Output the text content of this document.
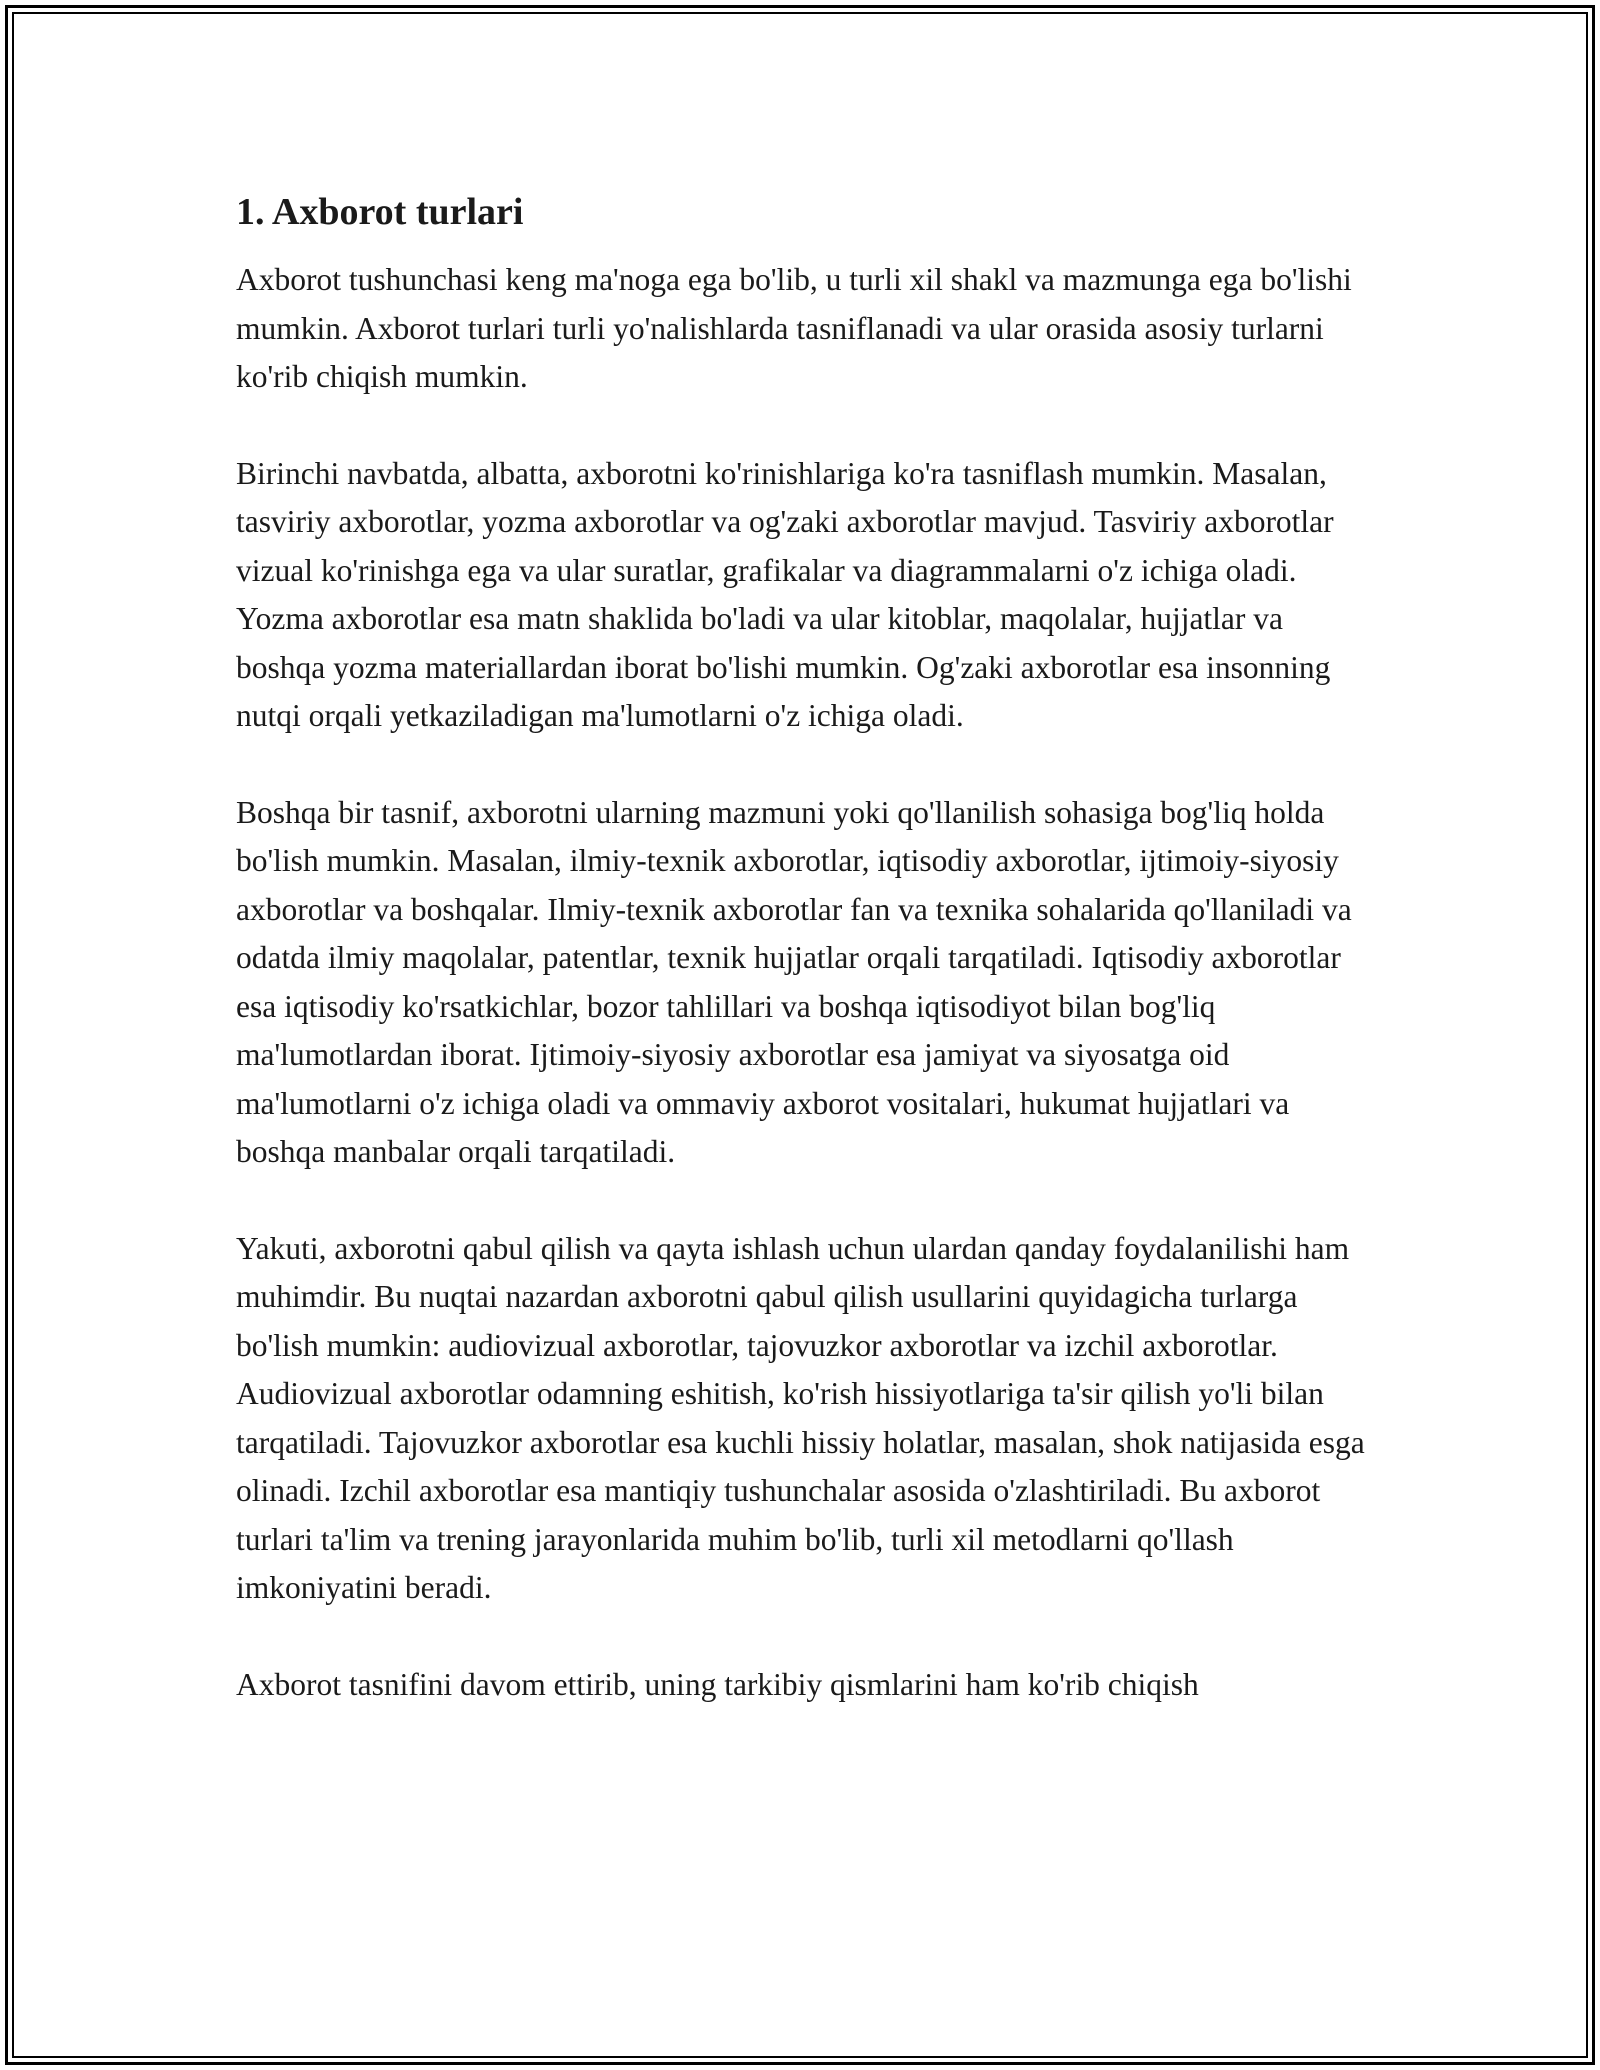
1. Axborot turlari

Axborot tushunchasi keng ma'noga ega bo'lib, u turli xil shakl va mazmunga ega bo'lishi mumkin. Axborot turlari turli yo'nalishlarda tasniflanadi va ular orasida asosiy turlarni ko'rib chiqish mumkin.

Birinchi navbatda, albatta, axborotni ko'rinishlariga ko'ra tasniflash mumkin. Masalan, tasviriy axborotlar, yozma axborotlar va og'zaki axborotlar mavjud. Tasviriy axborotlar vizual ko'rinishga ega va ular suratlar, grafikalar va diagrammalarni o'z ichiga oladi. Yozma axborotlar esa matn shaklida bo'ladi va ular kitoblar, maqolalar, hujjatlar va boshqa yozma materiallardan iborat bo'lishi mumkin. Og'zaki axborotlar esa insonning nutqi orqali yetkaziladigan ma'lumotlarni o'z ichiga oladi.

Boshqa bir tasnif, axborotni ularning mazmuni yoki qo'llanilish sohasiga bog'liq holda bo'lish mumkin. Masalan, ilmiy-texnik axborotlar, iqtisodiy axborotlar, ijtimoiy-siyosiy axborotlar va boshqalar. Ilmiy-texnik axborotlar fan va texnika sohalarida qo'llaniladi va odatda ilmiy maqolalar, patentlar, texnik hujjatlar orqali tarqatiladi. Iqtisodiy axborotlar esa iqtisodiy ko'rsatkichlar, bozor tahlillari va boshqa iqtisodiyot bilan bog'liq ma'lumotlardan iborat. Ijtimoiy-siyosiy axborotlar esa jamiyat va siyosatga oid ma'lumotlarni o'z ichiga oladi va ommaviy axborot vositalari, hukumat hujjatlari va boshqa manbalar orqali tarqatiladi.

Yakuti, axborotni qabul qilish va qayta ishlash uchun ulardan qanday foydalanilishi ham muhimdir. Bu nuqtai nazardan axborotni qabul qilish usullarini quyidagicha turlarga bo'lish mumkin: audiovizual axborotlar, tajovuzkor axborotlar va izchil axborotlar. Audiovizual axborotlar odamning eshitish, ko'rish hissiyotlariga ta'sir qilish yo'li bilan tarqatiladi. Tajovuzkor axborotlar esa kuchli hissiy holatlar, masalan, shok natijasida esga olinadi. Izchil axborotlar esa mantiqiy tushunchalar asosida o'zlashtiriladi. Bu axborot turlari ta'lim va trening jarayonlarida muhim bo'lib, turli xil metodlarni qo'llash imkoniyatini beradi.

Axborot tasnifini davom ettirib, uning tarkibiy qismlarini ham ko'rib chiqish
